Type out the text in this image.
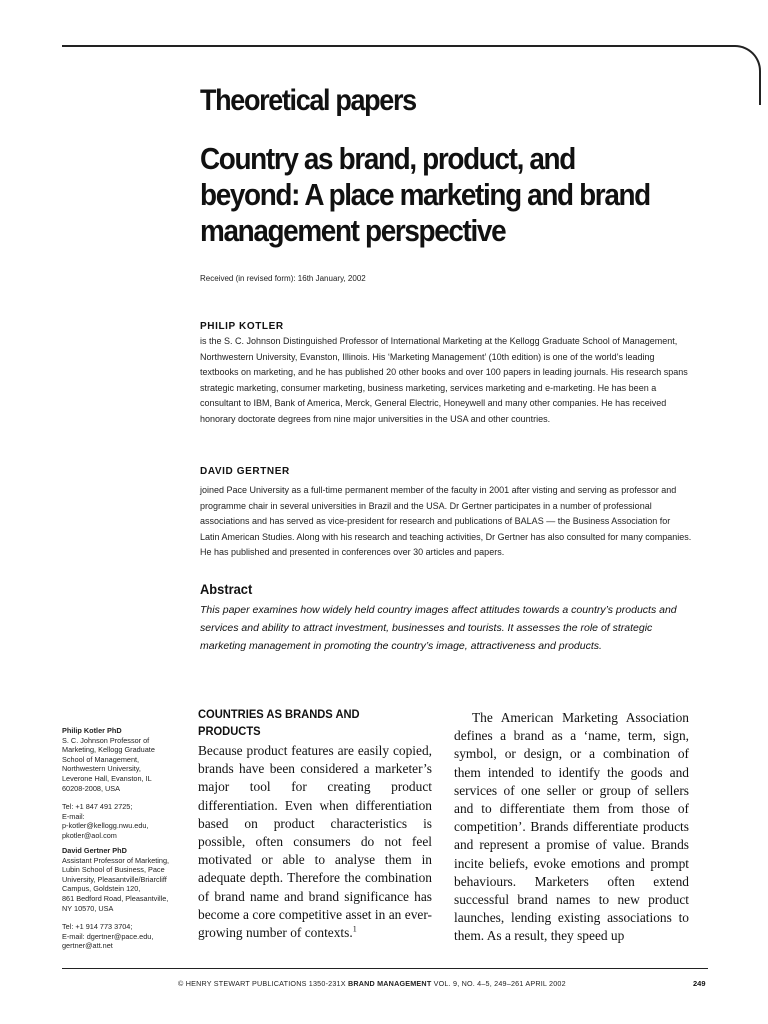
Theoretical papers
Country as brand, product, and beyond: A place marketing and brand management perspective
Received (in revised form): 16th January, 2002
PHILIP KOTLER

is the S. C. Johnson Distinguished Professor of International Marketing at the Kellogg Graduate School of Management, Northwestern University, Evanston, Illinois. His ‘Marketing Management’ (10th edition) is one of the world’s leading textbooks on marketing, and he has published 20 other books and over 100 papers in leading journals. His research spans strategic marketing, consumer marketing, business marketing, services marketing and e-marketing. He has been a consultant to IBM, Bank of America, Merck, General Electric, Honeywell and many other companies. He has received honorary doctorate degrees from nine major universities in the USA and other countries.

DAVID GERTNER

joined Pace University as a full-time permanent member of the faculty in 2001 after visting and serving as professor and programme chair in several universities in Brazil and the USA. Dr Gertner participates in a number of professional associations and has served as vice-president for research and publications of BALAS — the Business Association for Latin American Studies. Along with his research and teaching activities, Dr Gertner has also consulted for many companies. He has published and presented in conferences over 30 articles and papers.

Abstract

This paper examines how widely held country images affect attitudes towards a country’s products and services and ability to attract investment, businesses and tourists. It assesses the role of strategic marketing management in promoting the country’s image, attractiveness and products.

Philip Kotler PhD
S. C. Johnson Professor of
Marketing, Kellogg Graduate
School of Management,
Northwestern University,
Leverone Hall, Evanston, IL
60208-2008, USA
Tel: +1 847 491 2725;
E-mail:
p-kotler@kellogg.nwu.edu,
pkotler@aol.com
David Gertner PhD
Assistant Professor of Marketing,
Lubin School of Business, Pace
University, Pleasantville/Briarcliff
Campus, Goldstein 120,
861 Bedford Road, Pleasantville,
NY 10570, USA
Tel: +1 914 773 3704;
E-mail: dgertner@pace.edu,
gertner@att.net
COUNTRIES AS BRANDS AND PRODUCTS

Because product features are easily copied, brands have been considered a marketer’s major tool for creating product differentiation. Even when differentiation based on product characteristics is possible, often consumers do not feel motivated or able to analyse them in adequate depth. Therefore the combination of brand name and brand significance has become a core competitive asset in an ever-growing number of contexts.$^1$

The American Marketing Association defines a brand as a ‘name, term, sign, symbol, or design, or a combination of them intended to identify the goods and services of one seller or group of sellers and to differentiate them from those of competition’. Brands differentiate products and represent a promise of value. Brands incite beliefs, evoke emotions and prompt behaviours. Marketers often extend successful brand names to new product launches, lending existing associations to them. As a result, they speed up

© HENRY STEWART PUBLICATIONS 1350-231X BRAND MANAGEMENT VOL. 9, NO. 4–5, 249–261 APRIL 2002	249
